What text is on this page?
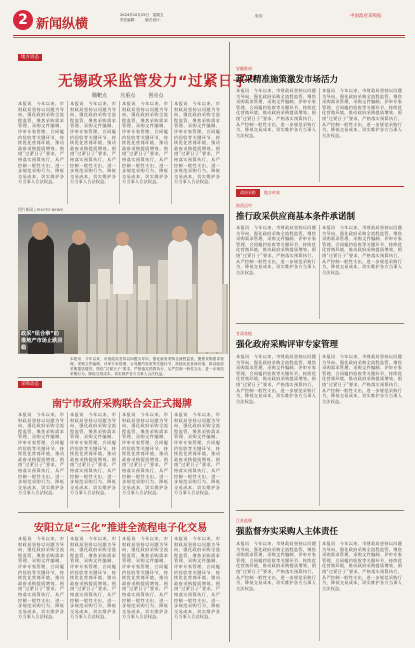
2 新闻纵横
2024年10月25日　星期五
责任编辑：　　版式设计：
电话：	中国政府采购报
地方动态
无锡政采监管发力“过紧日子”
瞄靶点	压重点	创亮点
本报讯　今年以来，市财政局坚持以问题为导向，强化政府采购全流程监管，聚焦采购需求管理、采购文件编制、评审专家管理、合同履约验收等关键环节，持续优化营商环境，推动政府采购提质增效。围绕“过紧日子”要求，严格落实预算执行，从严控制一般性支出，进一步规范采购行为，降低交易成本，切实维护各方当事人合法权益。
本报讯　今年以来，市财政局坚持以问题为导向，强化政府采购全流程监管，聚焦采购需求管理、采购文件编制、评审专家管理、合同履约验收等关键环节，持续优化营商环境，推动政府采购提质增效。围绕“过紧日子”要求，严格落实预算执行，从严控制一般性支出，进一步规范采购行为，降低交易成本，切实维护各方当事人合法权益。
本报讯　今年以来，市财政局坚持以问题为导向，强化政府采购全流程监管，聚焦采购需求管理、采购文件编制、评审专家管理、合同履约验收等关键环节，持续优化营商环境，推动政府采购提质增效。围绕“过紧日子”要求，严格落实预算执行，从严控制一般性支出，进一步规范采购行为，降低交易成本，切实维护各方当事人合法权益。
本报讯　今年以来，市财政局坚持以问题为导向，强化政府采购全流程监管，聚焦采购需求管理、采购文件编制、评审专家管理、合同履约验收等关键环节，持续优化营商环境，推动政府采购提质增效。围绕“过紧日子”要求，严格落实预算执行，从严控制一般性支出，进一步规范采购行为，降低交易成本，切实维护各方当事人合法权益。
图片新闻 | PHOTO NEWS
政采“组合拳”助推地产市场止跌回稳
本报讯　今年以来，市财政局坚持以问题为导向，强化政府采购全流程监管，聚焦采购需求管理、采购文件编制、评审专家管理、合同履约验收等关键环节，持续优化营商环境，推动政府采购提质增效。围绕“过紧日子”要求，严格落实预算执行，从严控制一般性支出，进一步规范采购行为，降低交易成本，切实维护各方当事人合法权益。
采购动态
南宁市政府采购联合会正式揭牌
本报讯　今年以来，市财政局坚持以问题为导向，强化政府采购全流程监管，聚焦采购需求管理、采购文件编制、评审专家管理、合同履约验收等关键环节，持续优化营商环境，推动政府采购提质增效。围绕“过紧日子”要求，严格落实预算执行，从严控制一般性支出，进一步规范采购行为，降低交易成本，切实维护各方当事人合法权益。
本报讯　今年以来，市财政局坚持以问题为导向，强化政府采购全流程监管，聚焦采购需求管理、采购文件编制、评审专家管理、合同履约验收等关键环节，持续优化营商环境，推动政府采购提质增效。围绕“过紧日子”要求，严格落实预算执行，从严控制一般性支出，进一步规范采购行为，降低交易成本，切实维护各方当事人合法权益。
本报讯　今年以来，市财政局坚持以问题为导向，强化政府采购全流程监管，聚焦采购需求管理、采购文件编制、评审专家管理、合同履约验收等关键环节，持续优化营商环境，推动政府采购提质增效。围绕“过紧日子”要求，严格落实预算执行，从严控制一般性支出，进一步规范采购行为，降低交易成本，切实维护各方当事人合法权益。
本报讯　今年以来，市财政局坚持以问题为导向，强化政府采购全流程监管，聚焦采购需求管理、采购文件编制、评审专家管理、合同履约验收等关键环节，持续优化营商环境，推动政府采购提质增效。围绕“过紧日子”要求，严格落实预算执行，从严控制一般性支出，进一步规范采购行为，降低交易成本，切实维护各方当事人合法权益。
安阳立足“三化”推进全流程电子化交易
本报讯　今年以来，市财政局坚持以问题为导向，强化政府采购全流程监管，聚焦采购需求管理、采购文件编制、评审专家管理、合同履约验收等关键环节，持续优化营商环境，推动政府采购提质增效。围绕“过紧日子”要求，严格落实预算执行，从严控制一般性支出，进一步规范采购行为，降低交易成本，切实维护各方当事人合法权益。
本报讯　今年以来，市财政局坚持以问题为导向，强化政府采购全流程监管，聚焦采购需求管理、采购文件编制、评审专家管理、合同履约验收等关键环节，持续优化营商环境，推动政府采购提质增效。围绕“过紧日子”要求，严格落实预算执行，从严控制一般性支出，进一步规范采购行为，降低交易成本，切实维护各方当事人合法权益。
本报讯　今年以来，市财政局坚持以问题为导向，强化政府采购全流程监管，聚焦采购需求管理、采购文件编制、评审专家管理、合同履约验收等关键环节，持续优化营商环境，推动政府采购提质增效。围绕“过紧日子”要求，严格落实预算执行，从严控制一般性支出，进一步规范采购行为，降低交易成本，切实维护各方当事人合法权益。
本报讯　今年以来，市财政局坚持以问题为导向，强化政府采购全流程监管，聚焦采购需求管理、采购文件编制、评审专家管理、合同履约验收等关键环节，持续优化营商环境，推动政府采购提质增效。围绕“过紧日子”要求，严格落实预算执行，从严控制一般性支出，进一步规范采购行为，降低交易成本，切实维护各方当事人合法权益。
安徽淮南
政采精准施策激发市场活力
本报讯　今年以来，市财政局坚持以问题为导向，强化政府采购全流程监管，聚焦采购需求管理、采购文件编制、评审专家管理、合同履约验收等关键环节，持续优化营商环境，推动政府采购提质增效。围绕“过紧日子”要求，严格落实预算执行，从严控制一般性支出，进一步规范采购行为，降低交易成本，切实维护各方当事人合法权益。
本报讯　今年以来，市财政局坚持以问题为导向，强化政府采购全流程监管，聚焦采购需求管理、采购文件编制、评审专家管理、合同履约验收等关键环节，持续优化营商环境，推动政府采购提质增效。围绕“过紧日子”要求，严格落实预算执行，从严控制一般性支出，进一步规范采购行为，降低交易成本，切实维护各方当事人合法权益。
政府采购	地方传真
陕西汉中
推行政采供应商基本条件承诺制
本报讯　今年以来，市财政局坚持以问题为导向，强化政府采购全流程监管，聚焦采购需求管理、采购文件编制、评审专家管理、合同履约验收等关键环节，持续优化营商环境，推动政府采购提质增效。围绕“过紧日子”要求，严格落实预算执行，从严控制一般性支出，进一步规范采购行为，降低交易成本，切实维护各方当事人合法权益。
本报讯　今年以来，市财政局坚持以问题为导向，强化政府采购全流程监管，聚焦采购需求管理、采购文件编制、评审专家管理、合同履约验收等关键环节，持续优化营商环境，推动政府采购提质增效。围绕“过紧日子”要求，严格落实预算执行，从严控制一般性支出，进一步规范采购行为，降低交易成本，切实维护各方当事人合法权益。
甘肃张掖
强化政府采购评审专家管理
本报讯　今年以来，市财政局坚持以问题为导向，强化政府采购全流程监管，聚焦采购需求管理、采购文件编制、评审专家管理、合同履约验收等关键环节，持续优化营商环境，推动政府采购提质增效。围绕“过紧日子”要求，严格落实预算执行，从严控制一般性支出，进一步规范采购行为，降低交易成本，切实维护各方当事人合法权益。
本报讯　今年以来，市财政局坚持以问题为导向，强化政府采购全流程监管，聚焦采购需求管理、采购文件编制、评审专家管理、合同履约验收等关键环节，持续优化营商环境，推动政府采购提质增效。围绕“过紧日子”要求，严格落实预算执行，从严控制一般性支出，进一步规范采购行为，降低交易成本，切实维护各方当事人合法权益。
江苏盐城
强监督夯实采购人主体责任
本报讯　今年以来，市财政局坚持以问题为导向，强化政府采购全流程监管，聚焦采购需求管理、采购文件编制、评审专家管理、合同履约验收等关键环节，持续优化营商环境，推动政府采购提质增效。围绕“过紧日子”要求，严格落实预算执行，从严控制一般性支出，进一步规范采购行为，降低交易成本，切实维护各方当事人合法权益。
本报讯　今年以来，市财政局坚持以问题为导向，强化政府采购全流程监管，聚焦采购需求管理、采购文件编制、评审专家管理、合同履约验收等关键环节，持续优化营商环境，推动政府采购提质增效。围绕“过紧日子”要求，严格落实预算执行，从严控制一般性支出，进一步规范采购行为，降低交易成本，切实维护各方当事人合法权益。
